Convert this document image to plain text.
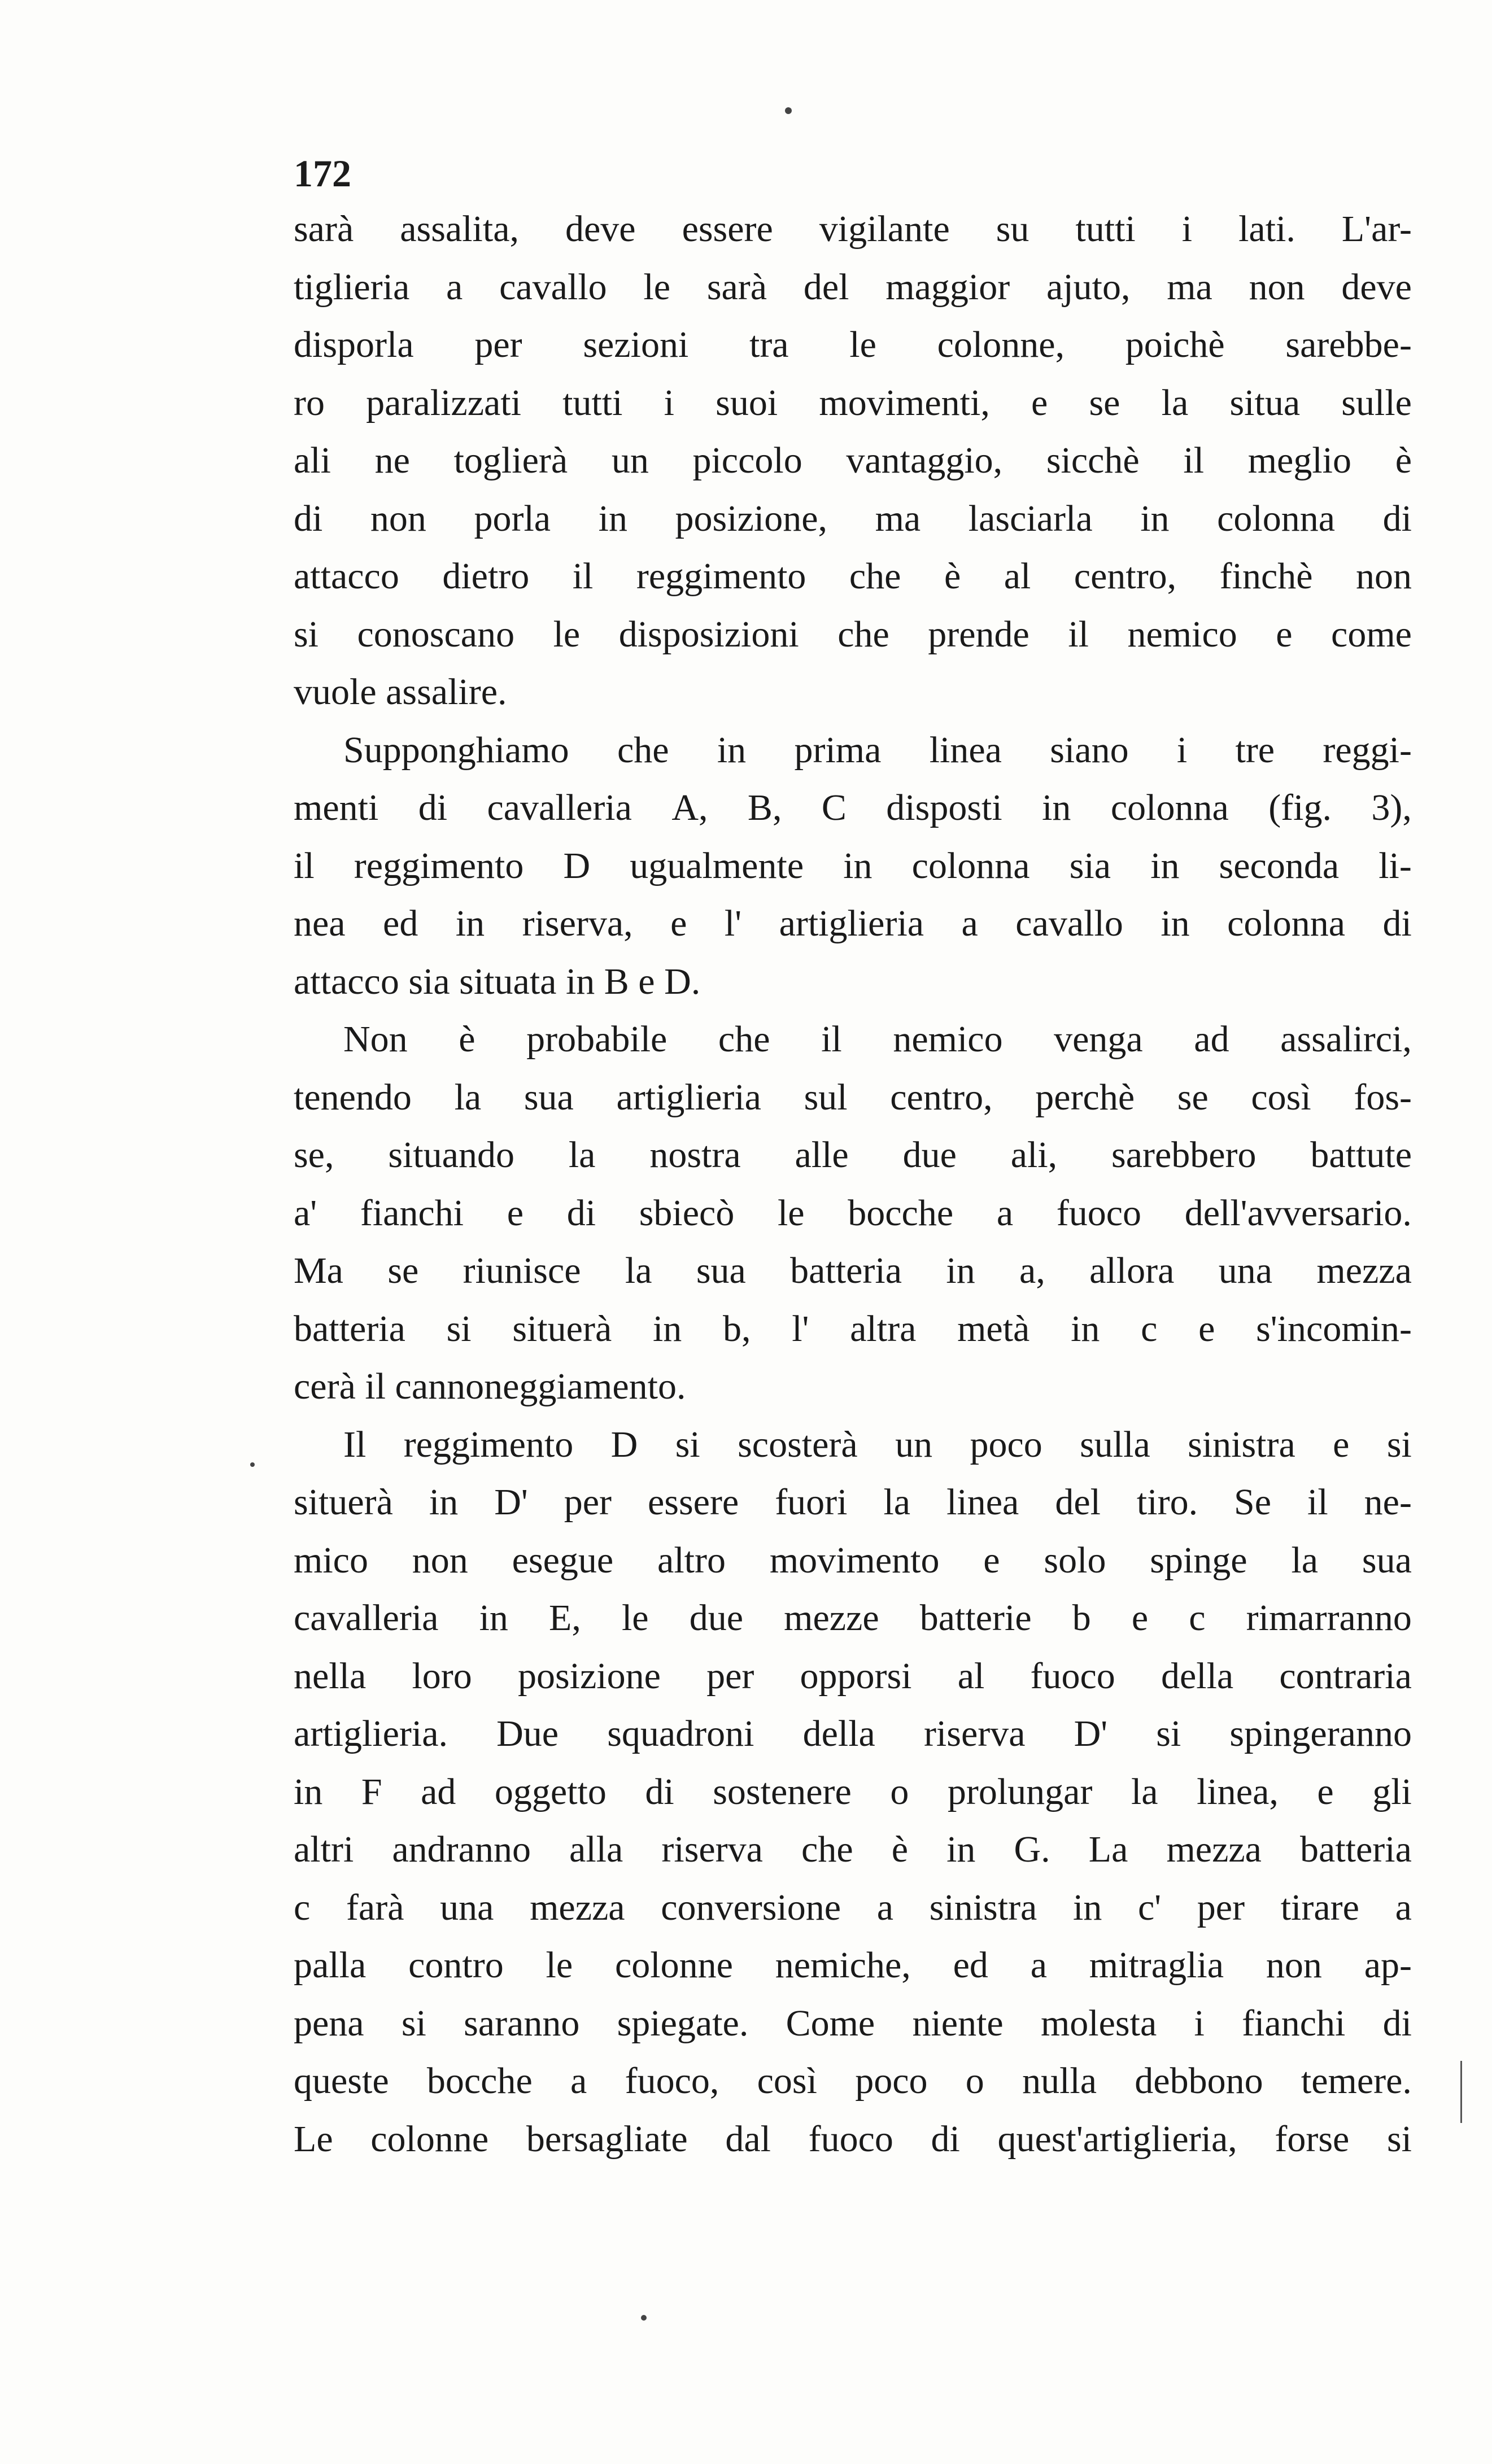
172
sarà assalita, deve essere vigilante su tutti i lati. L'ar-
tiglieria a cavallo le sarà del maggior ajuto, ma non deve
disporla per sezioni tra le colonne, poichè sarebbe-
ro paralizzati tutti i suoi movimenti, e se la situa sulle
ali ne toglierà un piccolo vantaggio, sicchè il meglio è
di non porla in posizione, ma lasciarla in colonna di
attacco dietro il reggimento che è al centro, finchè non
si conoscano le disposizioni che prende il nemico e come
vuole assalire.
Supponghiamo che in prima linea siano i tre reggi-
menti di cavalleria A, B, C disposti in colonna (fig. 3),
il reggimento D ugualmente in colonna sia in seconda li-
nea ed in riserva, e l' artiglieria a cavallo in colonna di
attacco sia situata in B e D.
Non è probabile che il nemico venga ad assalirci,
tenendo la sua artiglieria sul centro, perchè se così fos-
se, situando la nostra alle due ali, sarebbero battute
a' fianchi e di sbiecò le bocche a fuoco dell'avversario.
Ma se riunisce la sua batteria in a, allora una mezza
batteria si situerà in b, l' altra metà in c e s'incomin-
cerà il cannoneggiamento.
Il reggimento D si scosterà un poco sulla sinistra e si
situerà in D' per essere fuori la linea del tiro. Se il ne-
mico non esegue altro movimento e solo spinge la sua
cavalleria in E, le due mezze batterie b e c rimarranno
nella loro posizione per opporsi al fuoco della contraria
artiglieria. Due squadroni della riserva D' si spingeranno
in F ad oggetto di sostenere o prolungar la linea, e gli
altri andranno alla riserva che è in G. La mezza batteria
c farà una mezza conversione a sinistra in c' per tirare a
palla contro le colonne nemiche, ed a mitraglia non ap-
pena si saranno spiegate. Come niente molesta i fianchi di
queste bocche a fuoco, così poco o nulla debbono temere.
Le colonne bersagliate dal fuoco di quest'artiglieria, forse si
